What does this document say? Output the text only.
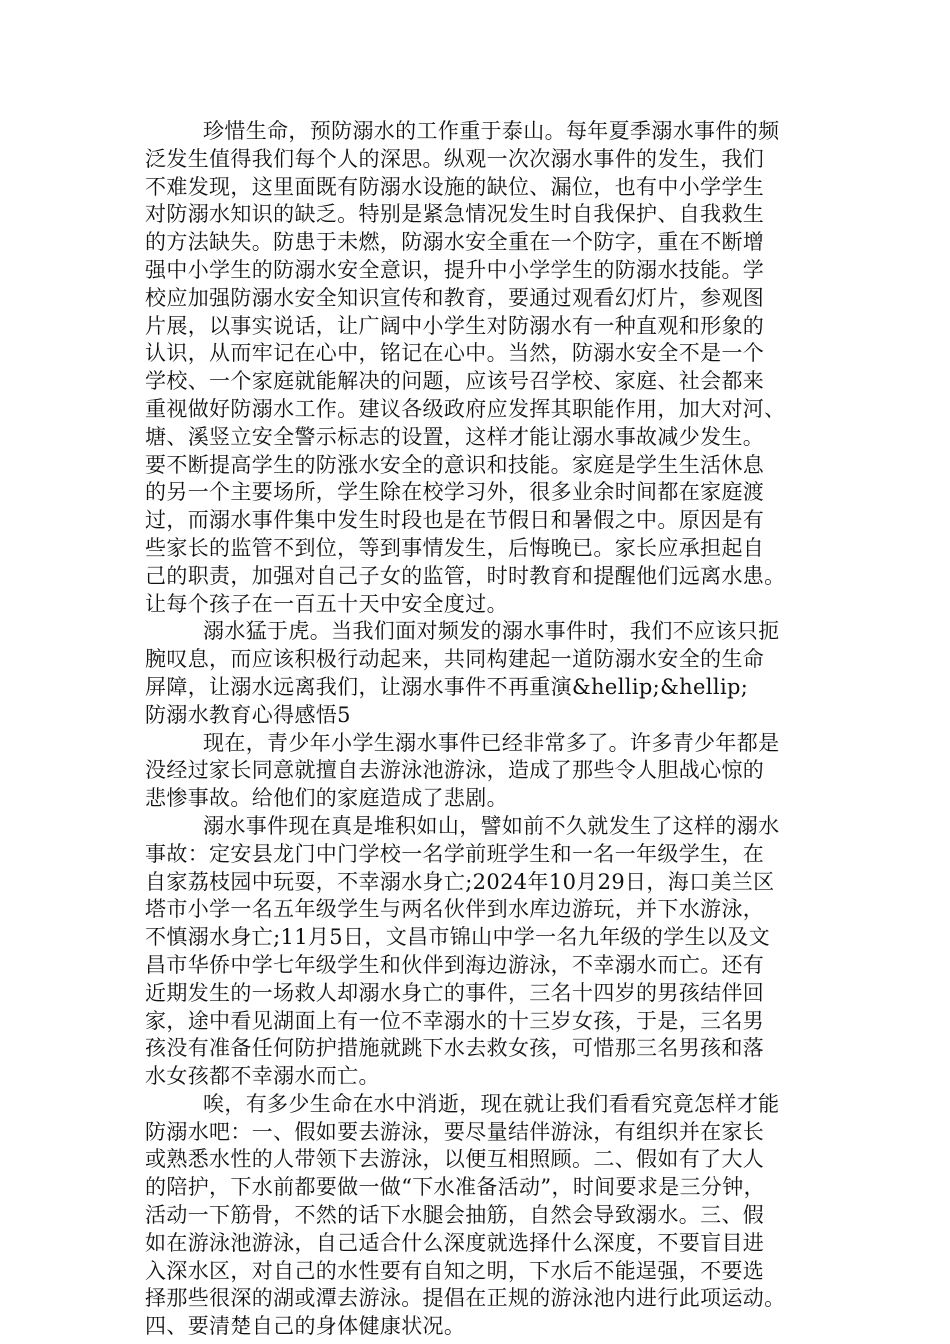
珍惜生命，预防溺水的工作重于泰山。每年夏季溺水事件的频
泛发生值得我们每个人的深思。纵观一次次溺水事件的发生，我们
不难发现，这里面既有防溺水设施的缺位、漏位，也有中小学学生
对防溺水知识的缺乏。特别是紧急情况发生时自我保护、自我救生
的方法缺失。防患于未燃，防溺水安全重在一个防字，重在不断增
强中小学生的防溺水安全意识，提升中小学学生的防溺水技能。学
校应加强防溺水安全知识宣传和教育，要通过观看幻灯片，参观图
片展，以事实说话，让广阔中小学生对防溺水有一种直观和形象的
认识，从而牢记在心中，铭记在心中。当然，防溺水安全不是一个
学校、一个家庭就能解决的问题，应该号召学校、家庭、社会都来
重视做好防溺水工作。建议各级政府应发挥其职能作用，加大对河、
塘、溪竖立安全警示标志的设置，这样才能让溺水事故减少发生。
要不断提高学生的防涨水安全的意识和技能。家庭是学生生活休息
的另一个主要场所，学生除在校学习外，很多业余时间都在家庭渡
过，而溺水事件集中发生时段也是在节假日和暑假之中。原因是有
些家长的监管不到位，等到事情发生，后悔晚已。家长应承担起自
己的职责，加强对自己子女的监管，时时教育和提醒他们远离水患。
让每个孩子在一百五十天中安全度过。
溺水猛于虎。当我们面对频发的溺水事件时，我们不应该只扼
腕叹息，而应该积极行动起来，共同构建起一道防溺水安全的生命
屏障，让溺水远离我们，让溺水事件不再重演&hellip;&hellip;
防溺水教育心得感悟5
现在，青少年小学生溺水事件已经非常多了。许多青少年都是
没经过家长同意就擅自去游泳池游泳，造成了那些令人胆战心惊的
悲惨事故。给他们的家庭造成了悲剧。
溺水事件现在真是堆积如山，譬如前不久就发生了这样的溺水
事故：定安县龙门中门学校一名学前班学生和一名一年级学生，在
自家荔枝园中玩耍，不幸溺水身亡;2024年10月29日，海口美兰区
塔市小学一名五年级学生与两名伙伴到水库边游玩，并下水游泳，
不慎溺水身亡;11月5日，文昌市锦山中学一名九年级的学生以及文
昌市华侨中学七年级学生和伙伴到海边游泳，不幸溺水而亡。还有
近期发生的一场救人却溺水身亡的事件，三名十四岁的男孩结伴回
家，途中看见湖面上有一位不幸溺水的十三岁女孩，于是，三名男
孩没有准备任何防护措施就跳下水去救女孩，可惜那三名男孩和落
水女孩都不幸溺水而亡。
唉，有多少生命在水中消逝，现在就让我们看看究竟怎样才能
防溺水吧：一、假如要去游泳，要尽量结伴游泳，有组织并在家长
或熟悉水性的人带领下去游泳，以便互相照顾。二、假如有了大人
的陪护，下水前都要做一做“下水准备活动”，时间要求是三分钟，
活动一下筋骨，不然的话下水腿会抽筋，自然会导致溺水。三、假
如在游泳池游泳，自己适合什么深度就选择什么深度，不要盲目进
入深水区，对自己的水性要有自知之明，下水后不能逞强，不要选
择那些很深的湖或潭去游泳。提倡在正规的游泳池内进行此项运动。
四、要清楚自己的身体健康状况。
